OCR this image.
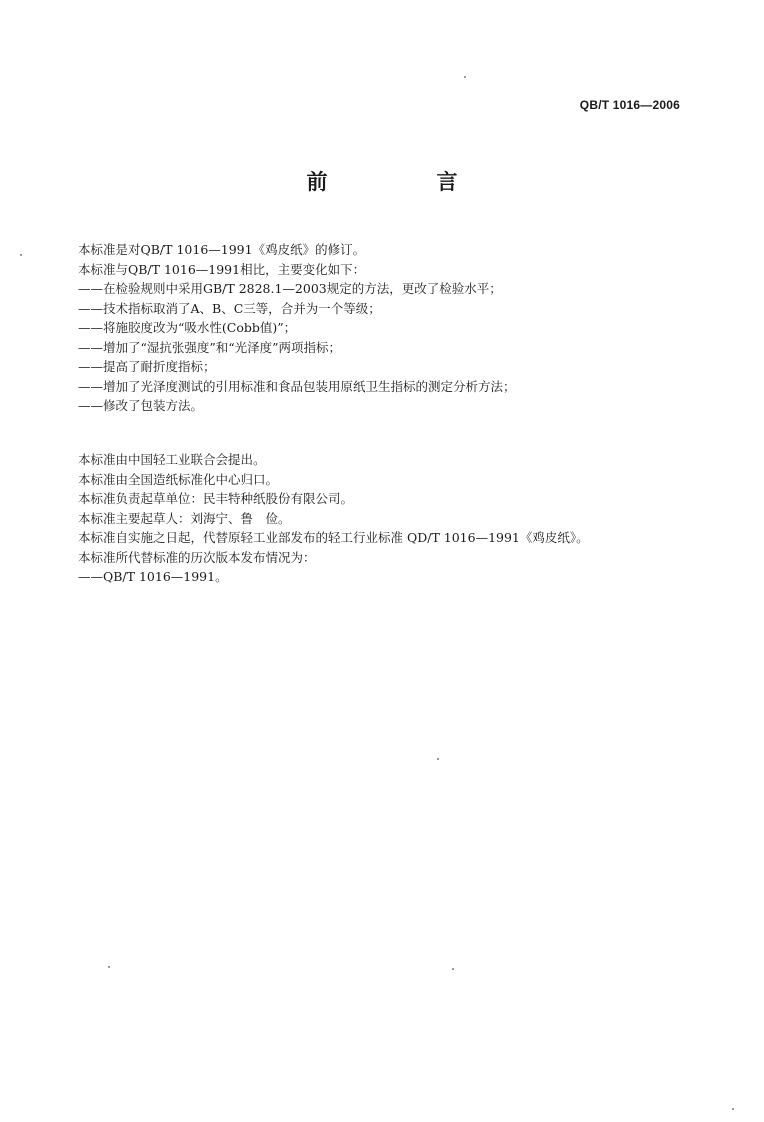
QB/T 1016—2006
前　言
本标准是对QB/T 1016—1991《鸡皮纸》的修订。
本标准与QB/T 1016—1991相比，主要变化如下：
——在检验规则中采用GB/T 2828.1—2003规定的方法，更改了检验水平；
——技术指标取消了A、B、C三等，合并为一个等级；
——将施胶度改为“吸水性(Cobb值)”；
——增加了“湿抗张强度”和“光泽度”两项指标；
——提高了耐折度指标；
——增加了光泽度测试的引用标准和食品包装用原纸卫生指标的测定分析方法；
——修改了包装方法。
本标准由中国轻工业联合会提出。
本标准由全国造纸标准化中心归口。
本标准负责起草单位：民丰特种纸股份有限公司。
本标准主要起草人：刘海宁、鲁　俭。
本标准自实施之日起，代替原轻工业部发布的轻工行业标准 QD/T 1016—1991《鸡皮纸》。
本标准所代替标准的历次版本发布情况为：
——QB/T 1016—1991。
